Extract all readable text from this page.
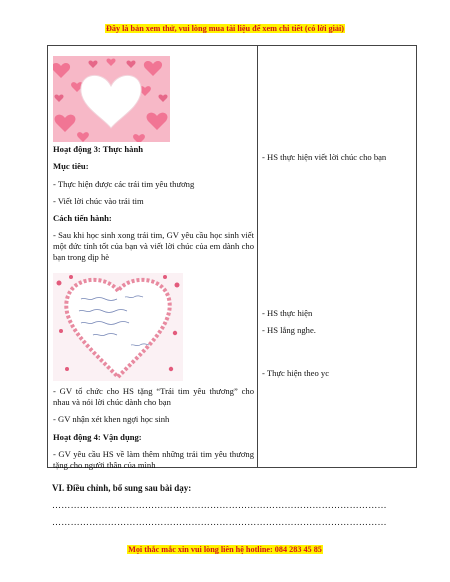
Đây là bản xem thử, vui lòng mua tài liệu để xem chi tiết (có lời giải)
Hoạt động 3: Thực hành
Mục tiêu:
- Thực hiện được các trái tim yêu thương
- Viết lời chúc vào trái tim
Cách tiến hành:
- Sau khi học sinh xong trái tim, GV yêu cầu học sinh viết một đức tính tốt của bạn và viết lời chúc của em dành cho bạn trong dịp hè
- GV tổ chức cho HS tặng “Trái tim yêu thương” cho nhau và nói lời chúc dành cho bạn
- GV nhận xét khen ngợi học sinh
Hoạt động 4: Vận dụng:
- GV yêu cầu HS về làm thêm những trái tim yêu thương tặng cho người thân của mình
- HS thực hiện viết lời chúc cho bạn
- HS thực hiện
- HS lắng nghe.
- Thực hiện theo yc
VI. Điều chỉnh, bổ sung sau bài dạy:
………………………………………………………………………………………………
………………………………………………………………………………………………
Mọi thắc mắc xin vui lòng liên hệ hotline: 084 283 45 85
